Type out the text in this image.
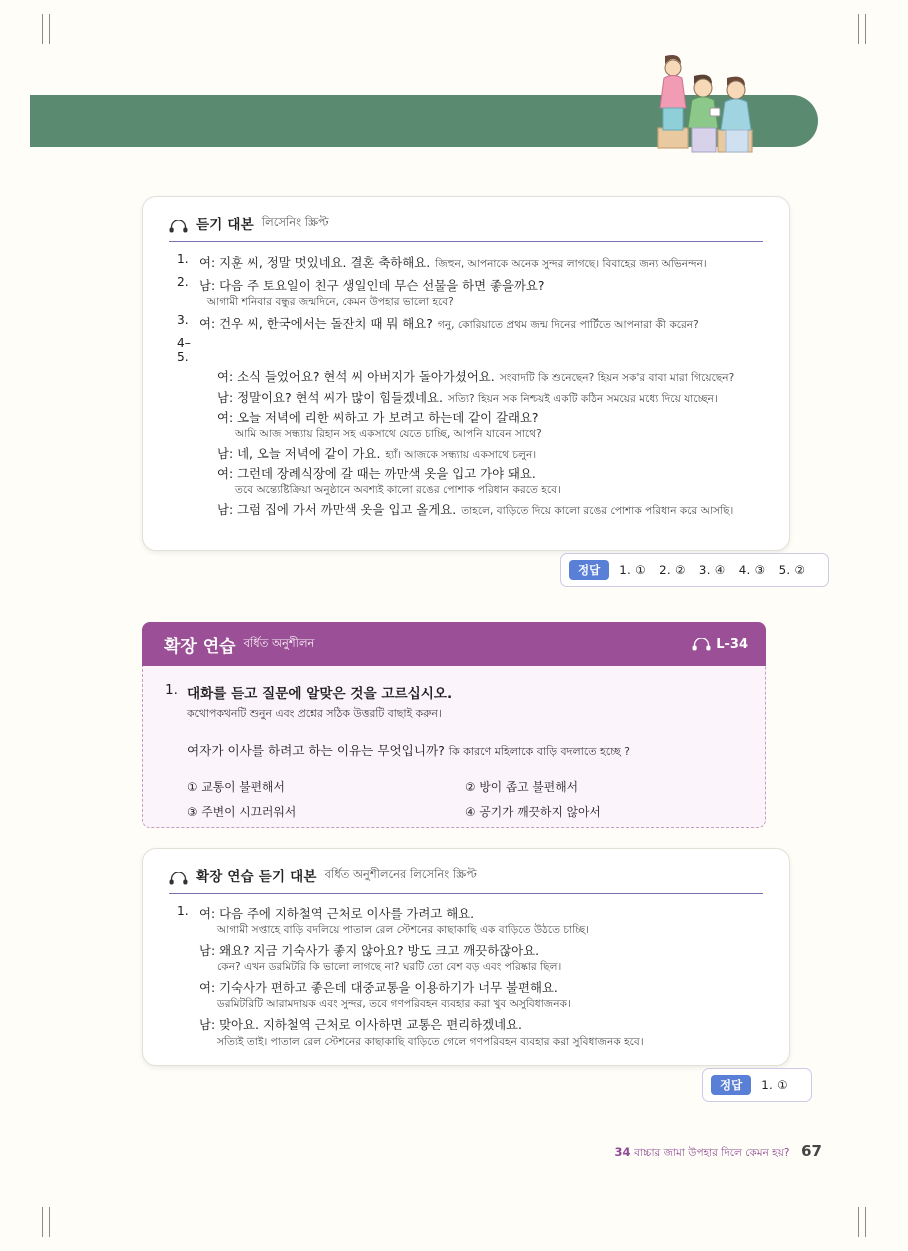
듣기 대본 লিসেনিং স্ক্রিপ্ট
1. 여: 지훈 씨, 정말 멋있네요. 결혼 축하해요. জিহুন, আপনাকে অনেক সুন্দর লাগছে। বিবাহের জন্য অভিনন্দন।
2. 남: 다음 주 토요일이 친구 생일인데 무슨 선물을 하면 좋을까요?
আগামী শনিবার বন্ধুর জন্মদিনে, কেমন উপহার ভালো হবে?
3. 여: 건우 씨, 한국에서는 돌잔치 때 뭐 해요? গনু, কোরিয়াতে প্রথম জন্ম দিনের পার্টিতে আপনারা কী করেন?
4–5.
여: 소식 들었어요? 현석 씨 아버지가 돌아가셨어요. সংবাদটি কি শুনেছেন? হিয়ন সক'র বাবা মারা গিয়েছেন?
남: 정말이요? 현석 씨가 많이 힘들겠네요. সত্যি? হিয়ন সক নিশ্চয়ই একটি কঠিন সময়ের মধ্যে দিয়ে যাচ্ছেন।
여: 오늘 저녁에 리한 씨하고 가 보려고 하는데 같이 갈래요?
আমি আজ সন্ধ্যায় রিহান সহ একসাথে যেতে চাচ্ছি, আপনি যাবেন সাথে?
남: 네, 오늘 저녁에 같이 가요. হ্যাঁ। আজকে সন্ধ্যায় একসাথে চলুন।
여: 그런데 장례식장에 갈 때는 까만색 옷을 입고 가야 돼요.
তবে অন্ত্যেষ্টিক্রিয়া অনুষ্ঠানে অবশ্যই কালো রঙের পোশাক পরিধান করতে হবে।
남: 그럼 집에 가서 까만색 옷을 입고 올게요. তাহলে, বাড়িতে দিয়ে কালো রঙের পোশাক পরিধান করে আসছি।
정답	1. ① 2. ② 3. ④ 4. ③ 5. ②
확장 연습 বর্ধিত অনুশীলন	L-34
1. 대화를 듣고 질문에 알맞은 것을 고르십시오.
কথোপকথনটি শুনুন এবং প্রশ্নের সঠিক উত্তরটি বাছাই করুন।
여자가 이사를 하려고 하는 이유는 무엇입니까? কি কারণে মহিলাকে বাড়ি বদলাতে হচ্ছে ?
① 교통이 불편해서	② 방이 좁고 불편해서
③ 주변이 시끄러워서	④ 공기가 깨끗하지 않아서
확장 연습 듣기 대본 বর্ধিত অনুশীলনের লিসেনিং স্ক্রিপ্ট
1. 여: 다음 주에 지하철역 근처로 이사를 가려고 해요.
আগামী সপ্তাহে বাড়ি বদলিয়ে পাতাল রেল স্টেশনের কাছাকাছি এক বাড়িতে উঠতে চাচ্ছি।
남: 왜요? 지금 기숙사가 좋지 않아요? 방도 크고 깨끗하잖아요.
কেন? এখন ডরমিটরি কি ভালো লাগছে না? ঘরটি তো বেশ বড় এবং পরিষ্কার ছিল।
여: 기숙사가 편하고 좋은데 대중교통을 이용하기가 너무 불편해요.
ডরমিটরিটি আরামদায়ক এবং সুন্দর, তবে গণপরিবহন ব্যবহার করা খুব অসুবিধাজনক।
남: 맞아요. 지하철역 근처로 이사하면 교통은 편리하겠네요.
সত্যিই তাই। পাতাল রেল স্টেশনের কাছাকাছি বাড়িতে গেলে গণপরিবহন ব্যবহার করা সুবিধাজনক হবে।
정답	1. ①
34 বাচ্চার জামা উপহার দিলে কেমন হয়? 67
